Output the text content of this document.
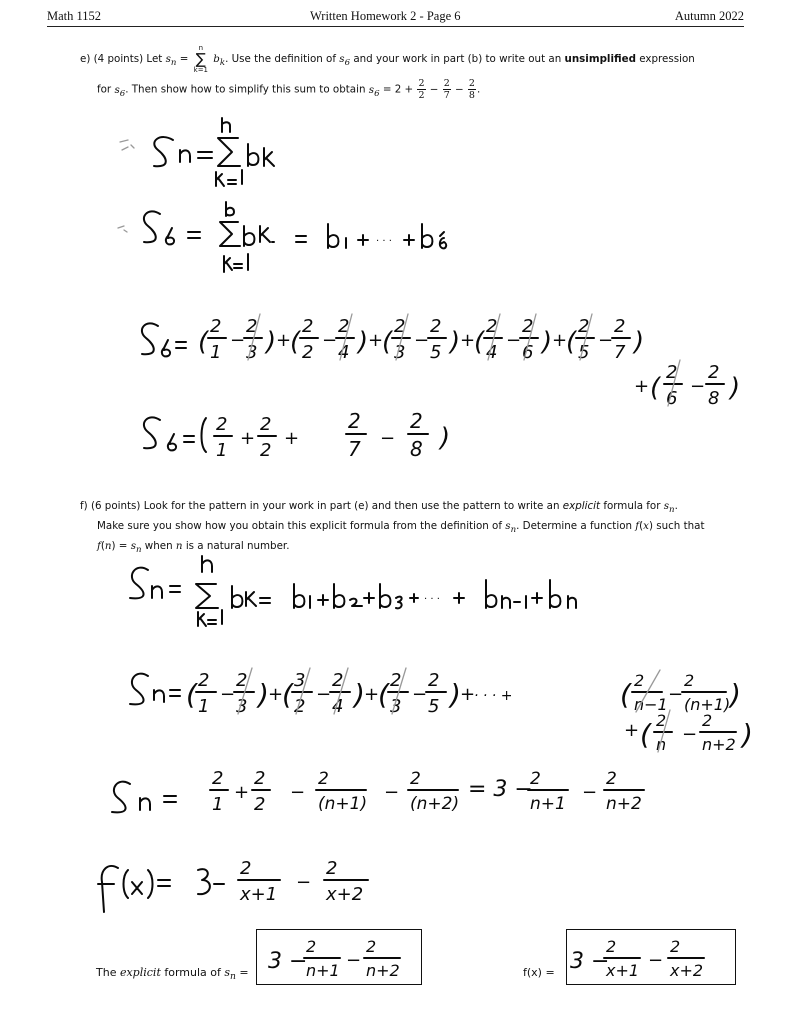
Math 1152	Written Homework 2 - Page 6	Autumn 2022
e) (4 points) Let $s_n$ =
n
∑
k=1
$b_k$. Use the definition of $s_6$ and your work in part (b) to write out an unsimplified expression
for $s_6$. Then show how to simplify this sum to obtain $s_6 = 2 + \frac{2}{2} - \frac{2}{7} - \frac{2}{8}$ .
f) (6 points) Look for the pattern in your work in part (e) and then use the pattern to write an explicit formula for $s_n$.
Make sure you show how you obtain this explicit formula from the definition of $s_n$. Determine a function f(x) such that
$f(n) = s_n$ when n is a natural number.
· · ·
· · ·
(
2
1
−
2
3 ) +
(
2
2
−
2
4 ) +
(
2
3
−
2
5 ) +
(
2
4
−
2
6 ) +
(
2
5
−
2
7 )
+ (
2
6
−
2
8 )
2
1
+
2
2
+
2
7 −
2
8 )
( 2
1
−
2
3 ) +
( 3
2
−
2
4 ) +
( 2
3
−
2
5 ) +
· · · +	( 2
n−1 −
2
(n+1) )
+ ( 2
n −
2
n+2 )
2
1
+
2
2
−
2
(n+1)
−
2
(n+2)
= 3 −
2
n+1
−
2
n+2
2
x+1
−
2
x+2
The explicit formula of $s_n$ =	f(x) =
3 −
2
n+1 −
2
n+2	3 −
2
x+1 −
2
x+2
